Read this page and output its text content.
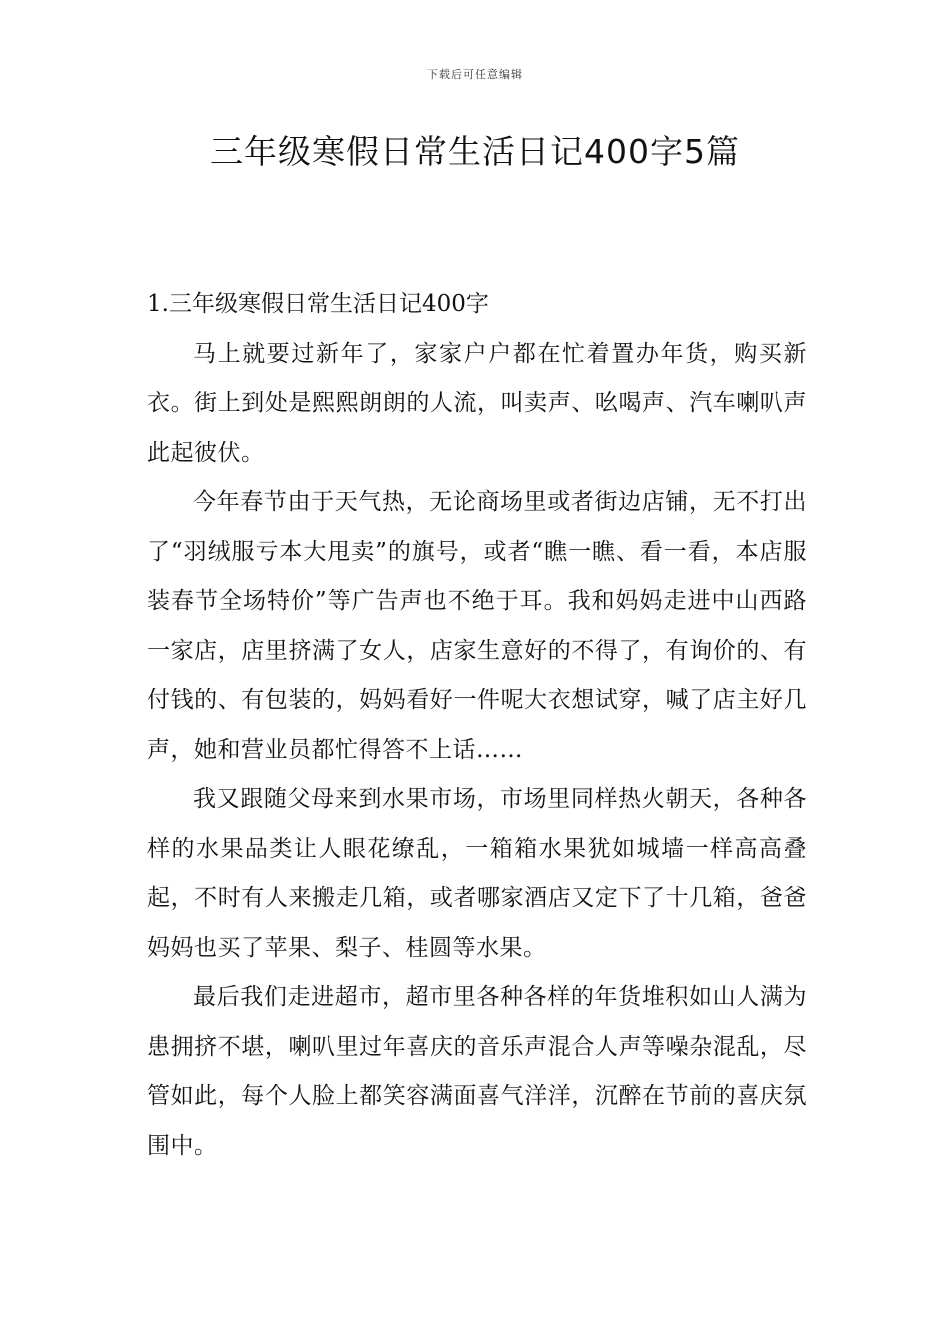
下载后可任意编辑
三年级寒假日常生活日记400字5篇
1.三年级寒假日常生活日记400字

马上就要过新年了，家家户户都在忙着置办年货，购买新衣。街上到处是熙熙朗朗的人流，叫卖声、吆喝声、汽车喇叭声此起彼伏。

今年春节由于天气热，无论商场里或者街边店铺，无不打出了“羽绒服亏本大甩卖”的旗号，或者“瞧一瞧、看一看，本店服装春节全场特价”等广告声也不绝于耳。我和妈妈走进中山西路一家店，店里挤满了女人，店家生意好的不得了，有询价的、有付钱的、有包装的，妈妈看好一件呢大衣想试穿，喊了店主好几声，她和营业员都忙得答不上话……

我又跟随父母来到水果市场，市场里同样热火朝天，各种各样的水果品类让人眼花缭乱，一箱箱水果犹如城墙一样高高叠起，不时有人来搬走几箱，或者哪家酒店又定下了十几箱，爸爸妈妈也买了苹果、梨子、桂圆等水果。

最后我们走进超市，超市里各种各样的年货堆积如山人满为患拥挤不堪，喇叭里过年喜庆的音乐声混合人声等噪杂混乱，尽管如此，每个人脸上都笑容满面喜气洋洋，沉醉在节前的喜庆氛围中。
